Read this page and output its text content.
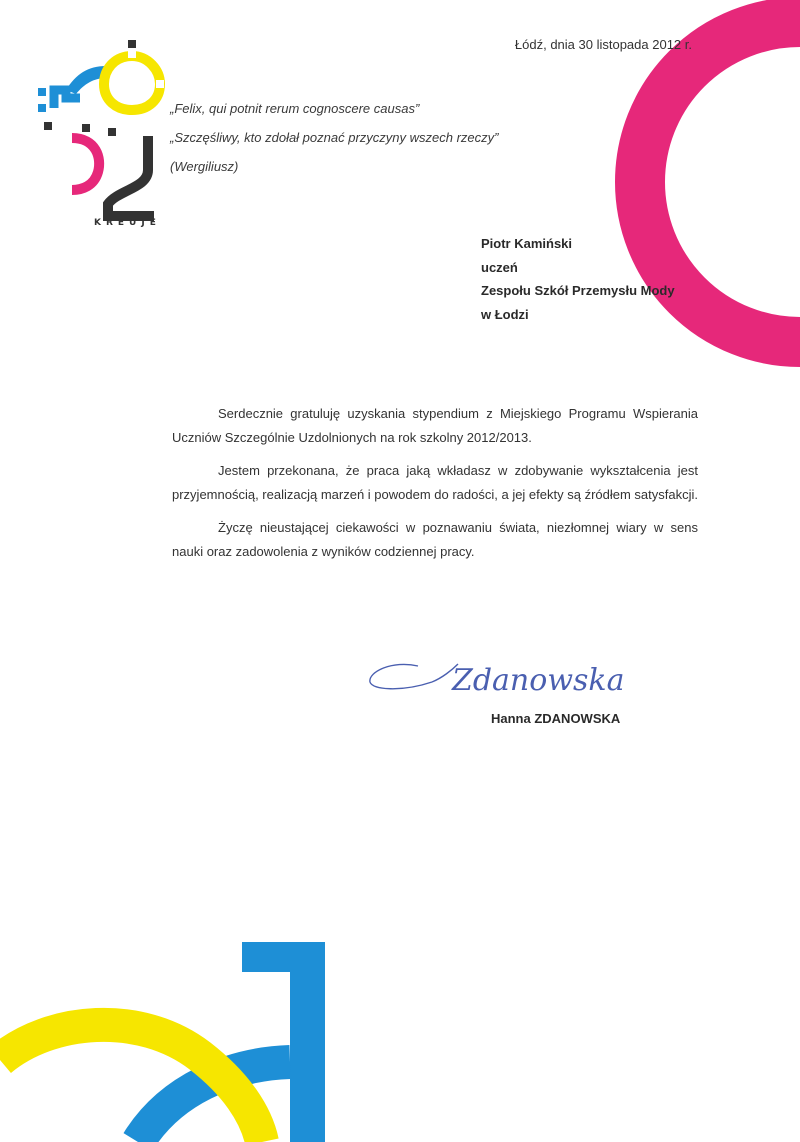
KREUJE
Łódź, dnia 30 listopada 2012 r.
„Felix, qui potnit rerum cognoscere causas”
„Szczęśliwy, kto zdołał poznać przyczyny wszech rzeczy”
(Wergiliusz)
Piotr Kamiński
uczeń
Zespołu Szkół Przemysłu Mody
w Łodzi

Serdecznie gratuluję uzyskania stypendium z Miejskiego Programu Wspierania Uczniów Szczególnie Uzdolnionych na rok szkolny 2012/2013.

Jestem przekonana, że praca jaką wkładasz w zdobywanie wykształcenia jest przyjemnością, realizacją marzeń i powodem do radości, a jej efekty są źródłem satysfakcji.

Życzę nieustającej ciekawości w poznawaniu świata, niezłomnej wiary w sens nauki oraz zadowolenia z wyników codziennej pracy.

Zdanowska
Hanna ZDANOWSKA
